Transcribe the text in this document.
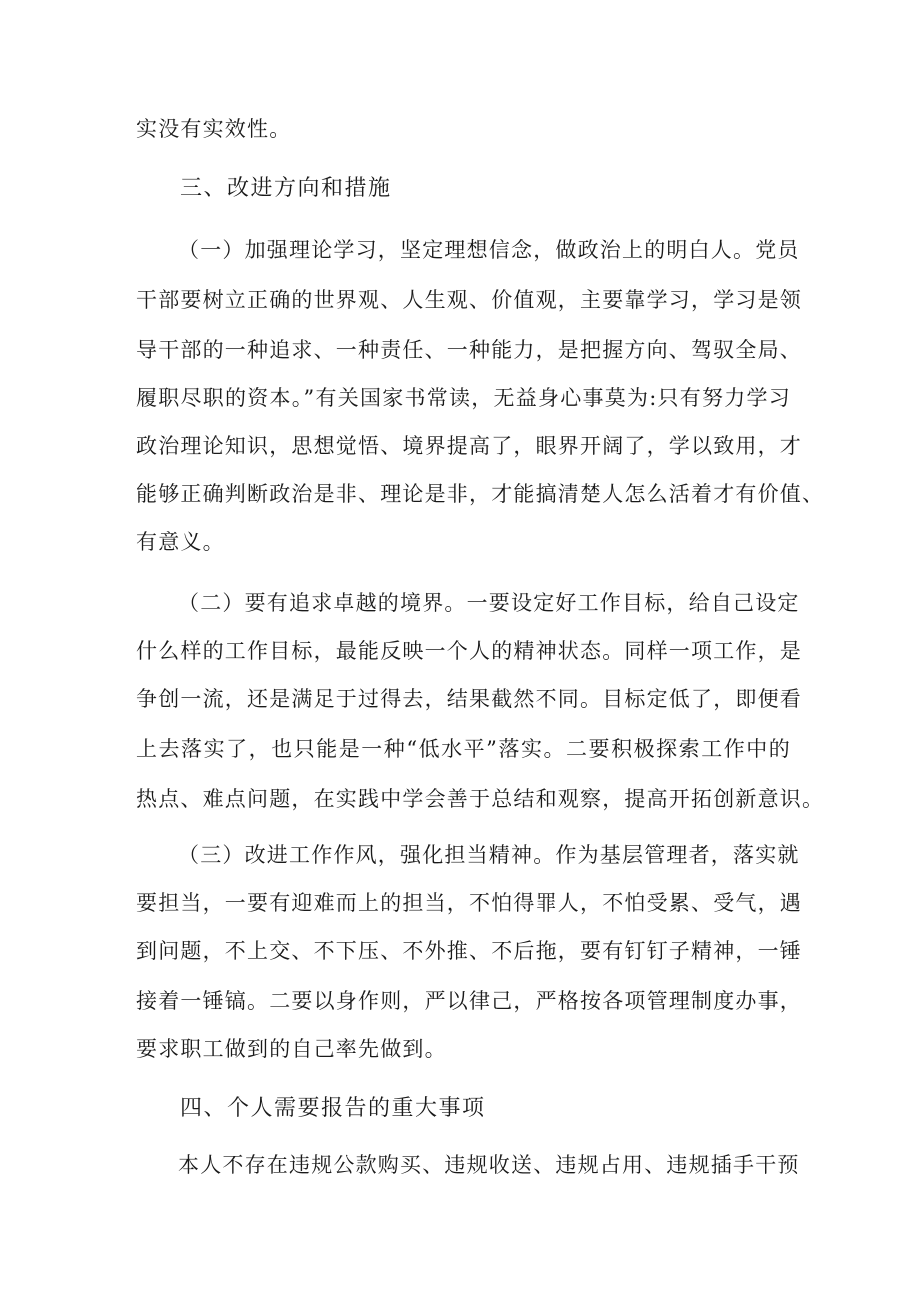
实没有实效性。
三、改进方向和措施
（一）加强理论学习，坚定理想信念，做政治上的明白人。党员
干部要树立正确的世界观、人生观、价值观，主要靠学习，学习是领
导干部的一种追求、一种责任、一种能力，是把握方向、驾驭全局、
履职尽职的资本。”有关国家书常读，无益身心事莫为:只有努力学习
政治理论知识，思想觉悟、境界提高了，眼界开阔了，学以致用，才
能够正确判断政治是非、理论是非，才能搞清楚人怎么活着才有价值、
有意义。
（二）要有追求卓越的境界。一要设定好工作目标，给自己设定
什么样的工作目标，最能反映一个人的精神状态。同样一项工作，是
争创一流，还是满足于过得去，结果截然不同。目标定低了，即便看
上去落实了，也只能是一种“低水平”落实。二要积极探索工作中的
热点、难点问题，在实践中学会善于总结和观察，提高开拓创新意识。
（三）改进工作作风，强化担当精神。作为基层管理者，落实就
要担当，一要有迎难而上的担当，不怕得罪人，不怕受累、受气，遇
到问题，不上交、不下压、不外推、不后拖，要有钉钉子精神，一锤
接着一锤镐。二要以身作则，严以律己，严格按各项管理制度办事，
要求职工做到的自己率先做到。
四、个人需要报告的重大事项
本人不存在违规公款购买、违规收送、违规占用、违规插手干预
